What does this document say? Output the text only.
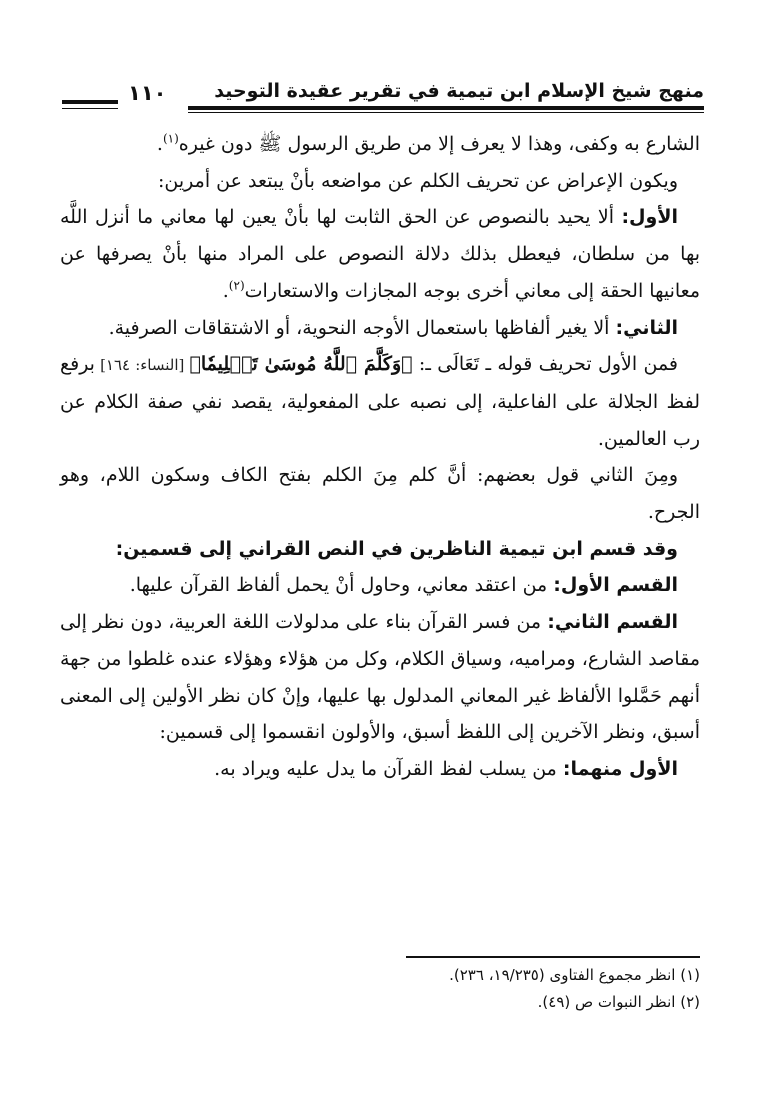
منهج شيخ الإسلام ابن تيمية في تقرير عقيدة التوحيد
١١٠

الشارع به وكفى، وهذا لا يعرف إلا من طريق الرسول ﷺ دون غيره$^{(١)}$.

ويكون الإعراض عن تحريف الكلم عن مواضعه بأنْ يبتعد عن أمرين:

الأول: ألا يحيد بالنصوص عن الحق الثابت لها بأنْ يعين لها معاني ما أنزل اللَّه بها من سلطان، فيعطل بذلك دلالة النصوص على المراد منها بأنْ يصرفها عن معانيها الحقة إلى معاني أخرى بوجه المجازات والاستعارات$^{(٢)}$.

الثاني: ألا يغير ألفاظها باستعمال الأوجه النحوية، أو الاشتقاقات الصرفية.

فمن الأول تحريف قوله ـ تَعَالَى ـ: ﴿وَكَلَّمَ ٱللَّهُ مُوسَىٰ تَكۡلِيمٗا﴾ [النساء: ١٦٤] برفع لفظ الجلالة على الفاعلية، إلى نصبه على المفعولية، يقصد نفي صفة الكلام عن رب العالمين.

ومِنَ الثاني قول بعضهم: أنَّ كلم مِنَ الكلم بفتح الكاف وسكون اللام، وهو الجرح.

وقد قسم ابن تيمية الناظرين في النص القراني إلى قسمين:

القسم الأول: من اعتقد معاني، وحاول أنْ يحمل ألفاظ القرآن عليها.

القسم الثاني: من فسر القرآن بناء على مدلولات اللغة العربية، دون نظر إلى مقاصد الشارع، ومراميه، وسياق الكلام، وكل من هؤلاء وهؤلاء عنده غلطوا من جهة أنهم حَمَّلوا الألفاظ غير المعاني المدلول بها عليها، وإنْ كان نظر الأولين إلى المعنى أسبق، ونظر الآخرين إلى اللفظ أسبق، والأولون انقسموا إلى قسمين:

الأول منهما: من يسلب لفظ القرآن ما يدل عليه ويراد به.

(١) انظر مجموع الفتاوى (١٩/٢٣٥، ٢٣٦).

(٢) انظر النبوات ص (٤٩).
